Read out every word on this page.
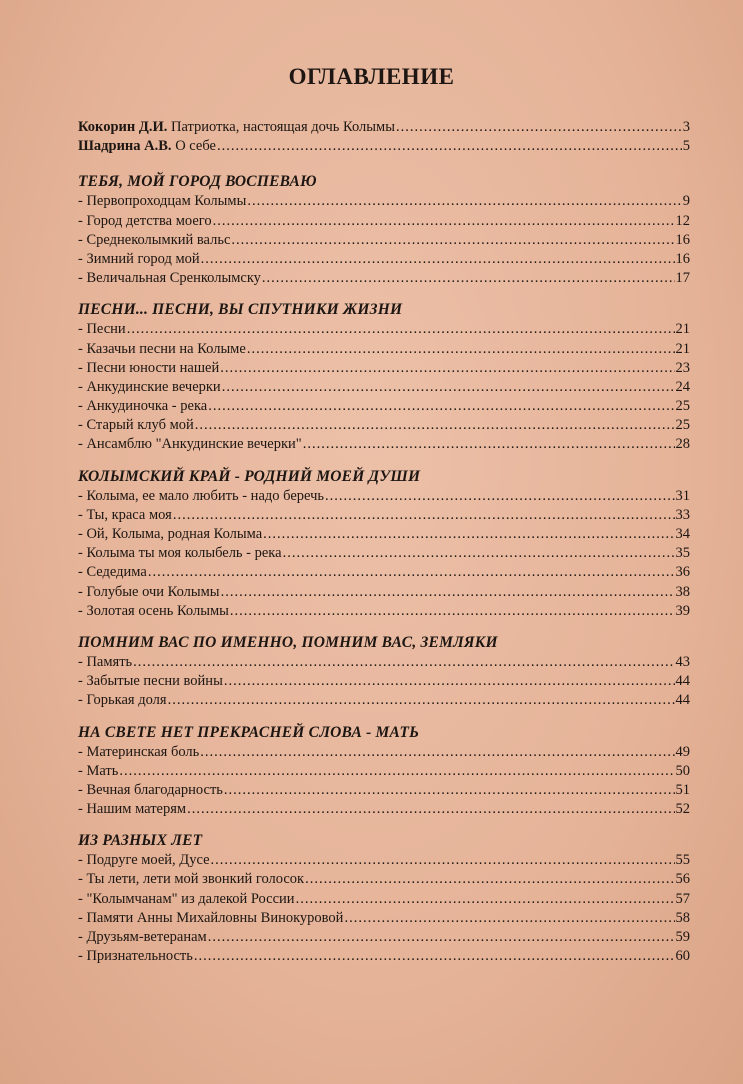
ОГЛАВЛЕНИЕ
Кокорин Д.И. Патриотка, настоящая дочь Колымы .....	3
Шадрина А.В. О себе .....	5
ТЕБЯ, МОЙ ГОРОД ВОСПЕВАЮ
- Первопроходцам Колымы .....	9
- Город детства моего .....	12
- Среднеколымкий вальс .....	16
- Зимний город мой .....	16
- Величальная Сренколымску .....	17
ПЕСНИ... ПЕСНИ, ВЫ СПУТНИКИ ЖИЗНИ
- Песни .....	21
- Казачьи песни на Колыме .....	21
- Песни юности нашей .....	23
- Анкудинские вечерки .....	24
- Анкудиночка - река .....	25
- Старый клуб мой .....	25
- Ансамблю "Анкудинские вечерки" .....	28
КОЛЫМСКИЙ КРАЙ - РОДНИЙ МОЕЙ ДУШИ
- Колыма, ее мало любить - надо беречь .....	31
- Ты, краса моя .....	33
- Ой, Колыма, родная Колыма .....	34
- Колыма ты моя колыбель - река .....	35
- Седедима .....	36
- Голубые очи Колымы .....	38
- Золотая осень Колымы .....	39
ПОМНИМ ВАС ПО ИМЕННО, ПОМНИМ ВАС, ЗЕМЛЯКИ
- Память .....	43
- Забытые песни войны .....	44
- Горькая доля .....	44
НА СВЕТЕ НЕТ ПРЕКРАСНЕЙ СЛОВА - МАТЬ
- Материнская боль .....	49
- Мать .....	50
- Вечная благодарность .....	51
- Нашим матерям .....	52
ИЗ РАЗНЫХ ЛЕТ
- Подруге моей, Дусе .....	55
- Ты лети, лети мой звонкий голосок .....	56
- "Колымчанам" из далекой России .....	57
- Памяти Анны Михайловны Винокуровой .....	58
- Друзьям-ветеранам .....	59
- Признательность .....	60
